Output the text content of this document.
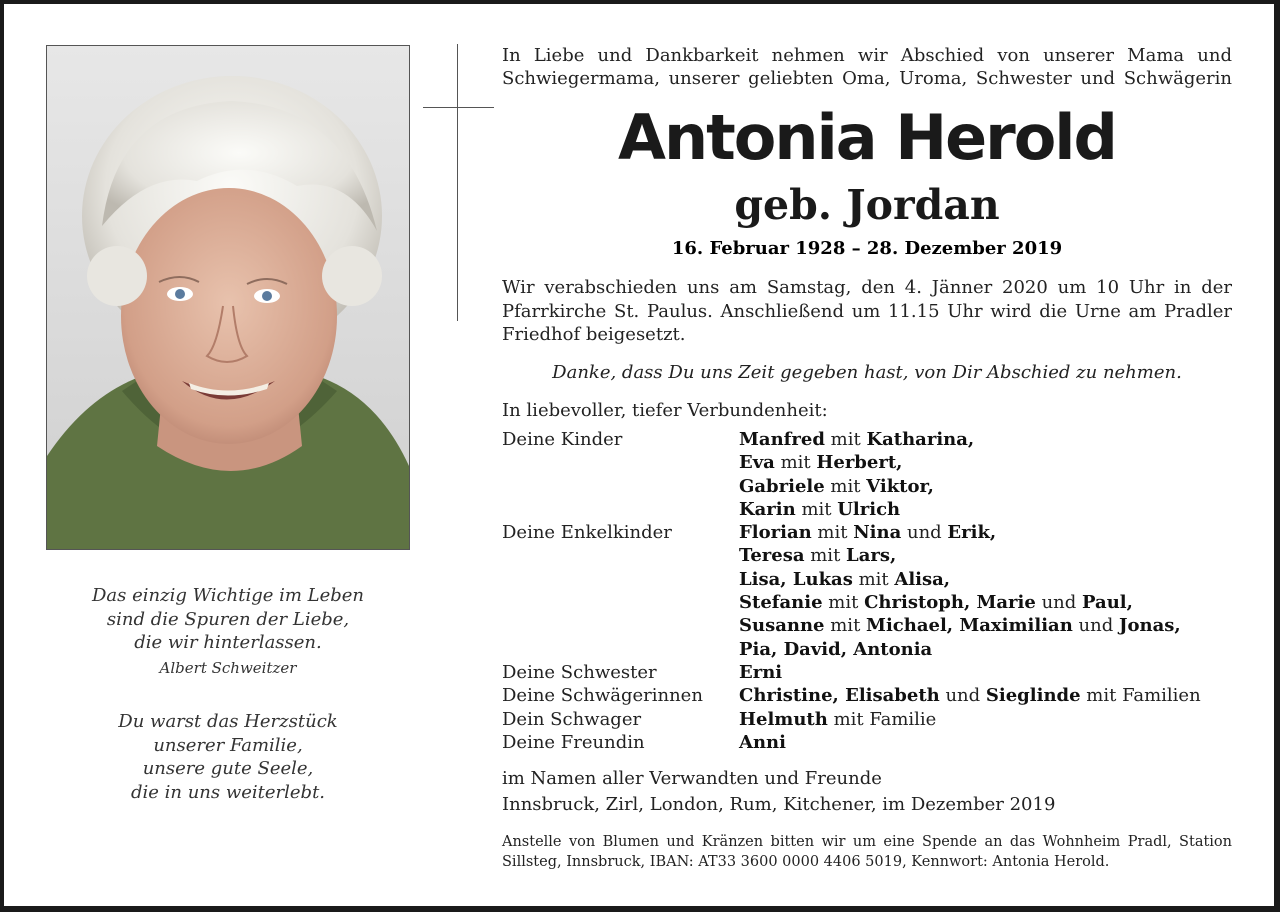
Das einzig Wichtige im Leben
sind die Spuren der Liebe,
die wir hinterlassen.
Albert Schweitzer
Du warst das Herzstück
unserer Familie,
unsere gute Seele,
die in uns weiterlebt.
In Liebe und Dankbarkeit nehmen wir Abschied von unserer Mama und Schwiegermama, unserer geliebten Oma, Uroma, Schwester und Schwägerin
Antonia Herold
geb. Jordan
16. Februar 1928 – 28. Dezember 2019
Wir verabschieden uns am Samstag, den 4. Jänner 2020 um 10 Uhr in der Pfarrkirche St. Paulus. Anschließend um 11.15 Uhr wird die Urne am Pradler Friedhof beigesetzt.
Danke, dass Du uns Zeit gegeben hast, von Dir Abschied zu nehmen.
In liebevoller, tiefer Verbundenheit:
Deine Kinder	Manfred mit Katharina,
Eva mit Herbert,
Gabriele mit Viktor,
Karin mit Ulrich
Deine Enkelkinder	Florian mit Nina und Erik,
Teresa mit Lars,
Lisa, Lukas mit Alisa,
Stefanie mit Christoph, Marie und Paul,
Susanne mit Michael, Maximilian und Jonas,
Pia, David, Antonia
Deine Schwester	Erni
Deine Schwägerinnen	Christine, Elisabeth und Sieglinde mit Familien
Dein Schwager	Helmuth mit Familie
Deine Freundin	Anni
im Namen aller Verwandten und Freunde
Innsbruck, Zirl, London, Rum, Kitchener, im Dezember 2019
Anstelle von Blumen und Kränzen bitten wir um eine Spende an das Wohnheim Pradl, Station Sillsteg, Innsbruck, IBAN: AT33 3600 0000 4406 5019, Kennwort: Antonia Herold.
